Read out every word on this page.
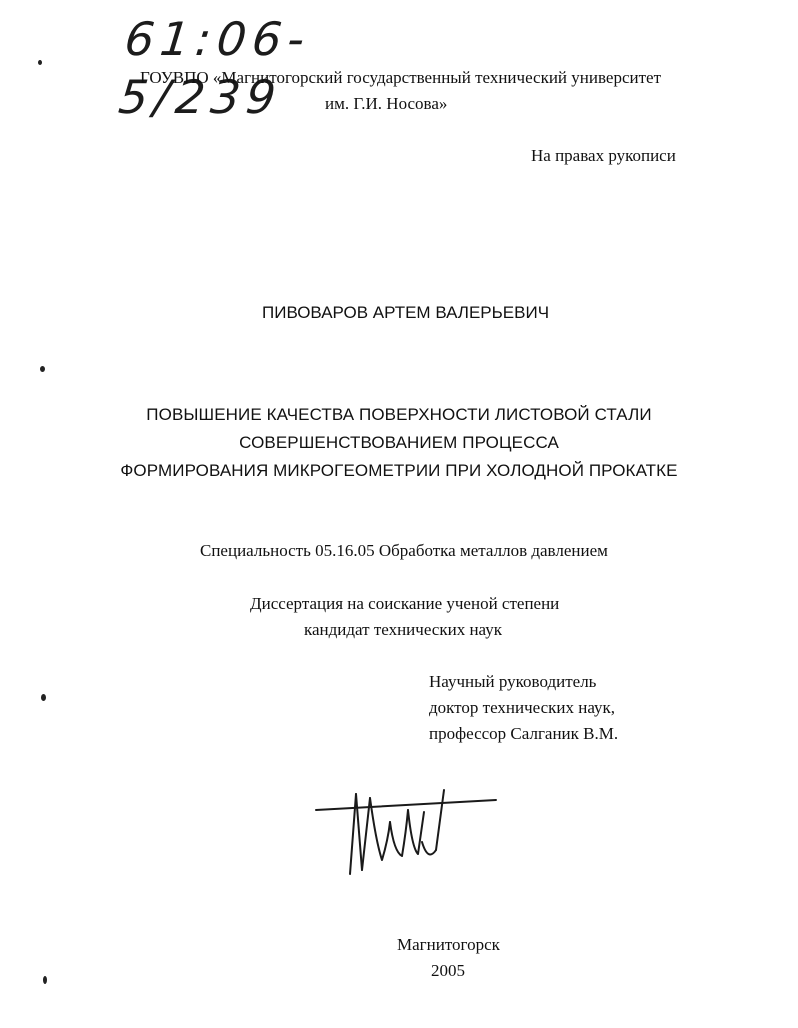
61:06-5/239
ГОУВПО «Магнитогорский государственный технический университет
им. Г.И. Носова»
На правах рукописи
ПИВОВАРОВ АРТЕМ ВАЛЕРЬЕВИЧ
ПОВЫШЕНИЕ КАЧЕСТВА ПОВЕРХНОСТИ ЛИСТОВОЙ СТАЛИ
СОВЕРШЕНСТВОВАНИЕМ ПРОЦЕССА
ФОРМИРОВАНИЯ МИКРОГЕОМЕТРИИ ПРИ ХОЛОДНОЙ ПРОКАТКЕ
Специальность 05.16.05 Обработка металлов давлением
Диссертация на соискание ученой степени
кандидат технических наук
Научный руководитель
доктор технических наук,
профессор Салганик В.М.
Магнитогорск
2005
